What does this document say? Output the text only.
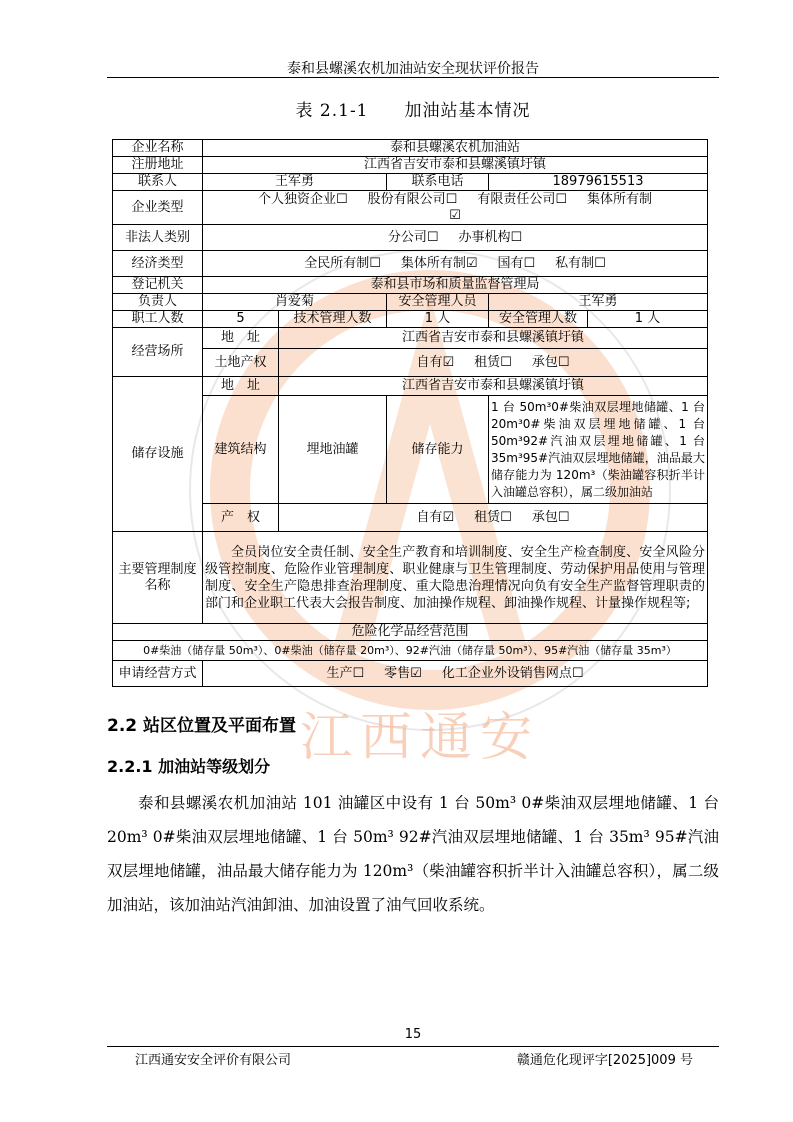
江西通安
泰和县螺溪农机加油站安全现状评价报告
表 2.1-1　　加油站基本情况
企业名称	泰和县螺溪农机加油站				
注册地址	江西省吉安市泰和县螺溪镇圩镇				
联系人	王军勇		联系电话	18979615513	
企业类型	个人独资企业☐ 股份有限公司☐ 有限责任公司☐ 集体所有制
☑				

非法人类别	分公司☐ 办事机构☐				
经济类型	全民所有制☐ 集体所有制☑ 国有☐ 私有制☐				
登记机关	泰和县市场和质量监督管理局				
负责人	肖爱菊		安全管理人员	王军勇	
职工人数	5	技术管理人数	1 人	安全管理人数	1 人
经营场所	地　址	江西省吉安市泰和县螺溪镇圩镇			
	土地产权	自有☑ 租赁☐ 承包☐			
储存设施	地　址	江西省吉安市泰和县螺溪镇圩镇			
	建筑结构	埋地油罐	储存能力	1 台 50m³0#柴油双层埋地储罐、1 台 20m³0#柴油双层埋地储罐、1 台 50m³92#汽油双层埋地储罐、1 台 35m³95#汽油双层埋地储罐，油品最大储存能力为 120m³（柴油罐容积折半计入油罐总容积），属二级加油站	
	产　权	自有☑ 租赁☐ 承包☐			
主要管理制度名称	全员岗位安全责任制、安全生产教育和培训制度、安全生产检查制度、安全风险分级管控制度、危险作业管理制度、职业健康与卫生管理制度、劳动保护用品使用与管理制度、安全生产隐患排查治理制度、重大隐患治理情况向负有安全生产监督管理职责的部门和企业职工代表大会报告制度、加油操作规程、卸油操作规程、计量操作规程等;				
危险化学品经营范围					
0#柴油（储存量 50m³）、0#柴油（储存量 20m³）、92#汽油（储存量 50m³）、95#汽油（储存量 35m³）					
申请经营方式	生产☐ 零售☑ 化工企业外设销售网点☐				
2.2 站区位置及平面布置
2.2.1 加油站等级划分
泰和县螺溪农机加油站 101 油罐区中设有 1 台 50m³ 0#柴油双层埋地储罐、1 台 20m³ 0#柴油双层埋地储罐、1 台 50m³ 92#汽油双层埋地储罐、1 台 35m³ 95#汽油双层埋地储罐，油品最大储存能力为 120m³（柴油罐容积折半计入油罐总容积），属二级加油站，该加油站汽油卸油、加油设置了油气回收系统。
15
江西通安安全评价有限公司	赣通危化现评字[2025]009 号
